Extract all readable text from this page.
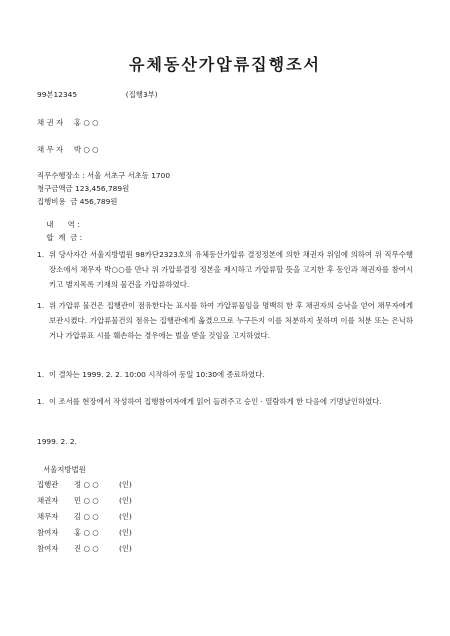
유체동산가압류집행조서
99본12345	(집행3부)
채 권 자 홍 ○ ○
채 무 자 박 ○ ○
직무수행장소 : 서울 서초구 서초동 1700
청구금액금 123,456,789원
집행비용  금 456,789원

내      역 :

합  계  금 :

1. 위 당사자간 서울지방법원 98카단2323호의 유체동산가압류 결정정본에 의한 채권자 위임에 의하여 위 직무수행장소에서 채무자 박○○를 만나 위 가압류결정 정본을 제시하고 가압류할 뜻을 고지한 후 동인과 채권자를 참여시키고 별지목록 기재의 물건을 가압류하였다.
1. 위 가압류 물건은 집행관이 점유한다는 표시를 하여 가압류물임을 명백히 한 후 채권자의 승낙을 얻어 채무자에게 보관시켰다. 가압류물건의 점유는 집행관에게 옮겼으므로 누구든지 이를 처분하지 못하며 이를 처분 또는 은닉하거나 가압류표 시를 훼손하는 경우에는 벌을 받을 것임을 고지하였다.
1. 이 결차는 1999. 2. 2. 10:00 시작하여 동일 10:30에 종료하였다.
1. 이 조서를 현장에서 작성하여 집행참여자에게 읽어 들려주고 승인 · 열람하게 한 다음에 기명날인하였다.
1999. 2. 2.
서울지방법원
집행관 정 ○ ○	(인)
채권자 민 ○ ○	(인)
채무자 김 ○ ○	(인)
참여자 홍 ○ ○	(인)
참여자 진 ○ ○	(인)
